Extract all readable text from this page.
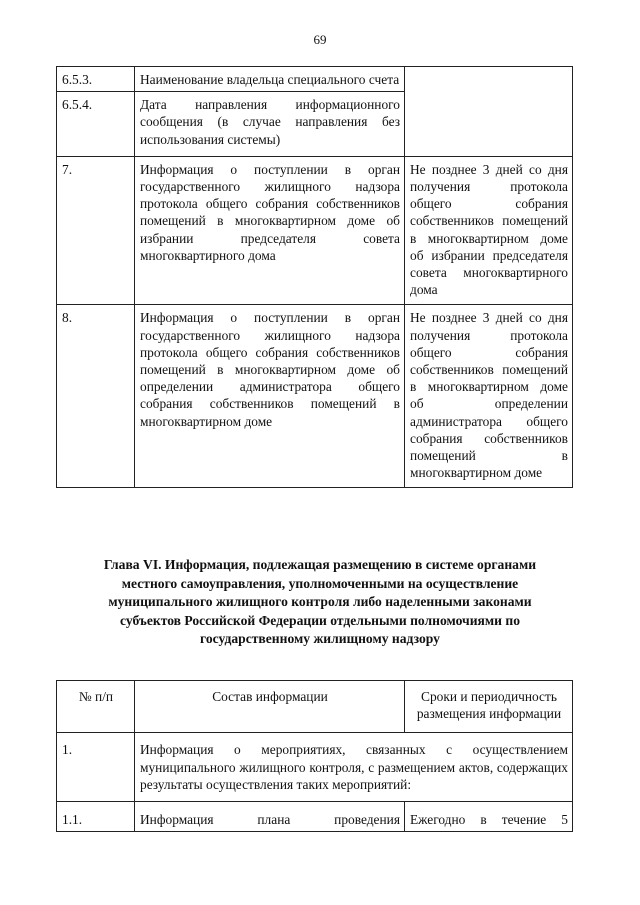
69
6.5.3.	Наименование владельца специального счета	
6.5.4.	Дата направления информационного сообщения (в случае направления без использования системы)	
7.	Информация о поступлении в орган государственного жилищного надзора протокола общего собрания собственников помещений в многоквартирном доме об избрании председателя совета многоквартирного дома	Не позднее 3 дней со дня получения протокола общего собрания собственников помещений в многоквартирном доме об избрании председателя совета многоквартирного дома
8.	Информация о поступлении в орган государственного жилищного надзора протокола общего собрания собственников помещений в многоквартирном доме об определении администратора общего собрания собственников помещений в многоквартирном доме	Не позднее 3 дней со дня получения протокола общего собрания собственников помещений в многоквартирном доме об определении администратора общего собрания собственников помещений в многоквартирном доме
Глава VI. Информация, подлежащая размещению в системе органами местного самоуправления, уполномоченными на осуществление муниципального жилищного контроля либо наделенными законами субъектов Российской Федерации отдельными полномочиями по государственному жилищному надзору
№ п/п	Состав информации	Сроки и периодичность размещения информации
1.	Информация о мероприятиях, связанных с осуществлением муниципального жилищного контроля, с размещением актов, содержащих результаты осуществления таких мероприятий:	
1.1.	Информация плана проведения	Ежегодно в течение 5
